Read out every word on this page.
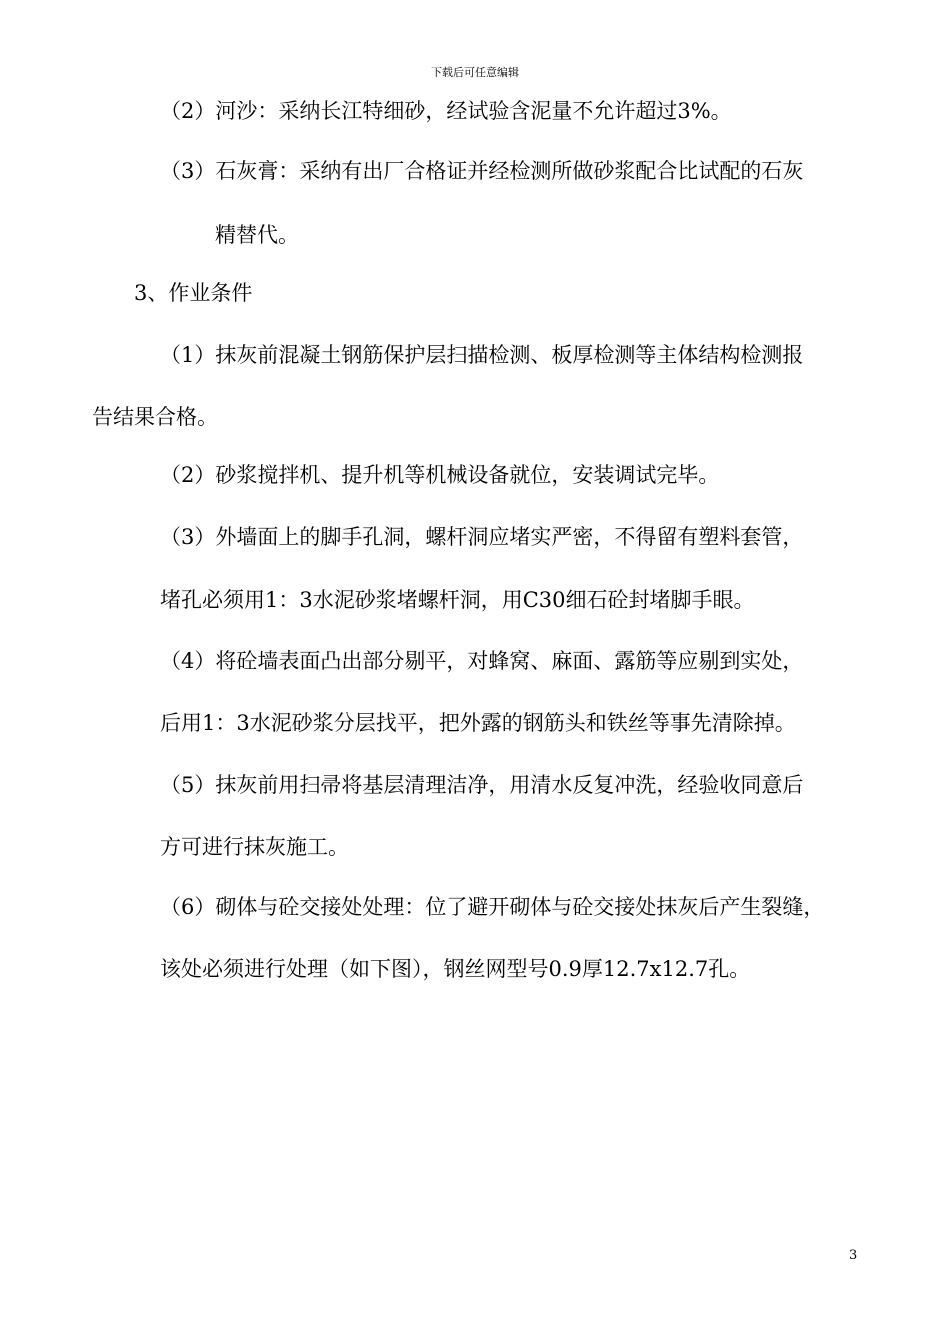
下载后可任意编辑
（2）河沙：采纳长江特细砂，经试验含泥量不允许超过3%。
（3）石灰膏：采纳有出厂合格证并经检测所做砂浆配合比试配的石灰
精替代。
3、作业条件
（1）抹灰前混凝土钢筋保护层扫描检测、板厚检测等主体结构检测报
告结果合格。
（2）砂浆搅拌机、提升机等机械设备就位，安装调试完毕。
（3）外墙面上的脚手孔洞，螺杆洞应堵实严密，不得留有塑料套管，
堵孔必须用1：3水泥砂浆堵螺杆洞，用C30细石砼封堵脚手眼。
（4）将砼墙表面凸出部分剔平，对蜂窝、麻面、露筋等应剔到实处，
后用1：3水泥砂浆分层找平，把外露的钢筋头和铁丝等事先清除掉。
（5）抹灰前用扫帚将基层清理洁净，用清水反复冲洗，经验收同意后
方可进行抹灰施工。
（6）砌体与砼交接处处理：位了避开砌体与砼交接处抹灰后产生裂缝，
该处必须进行处理（如下图），钢丝网型号0.9厚12.7x12.7孔。
3
